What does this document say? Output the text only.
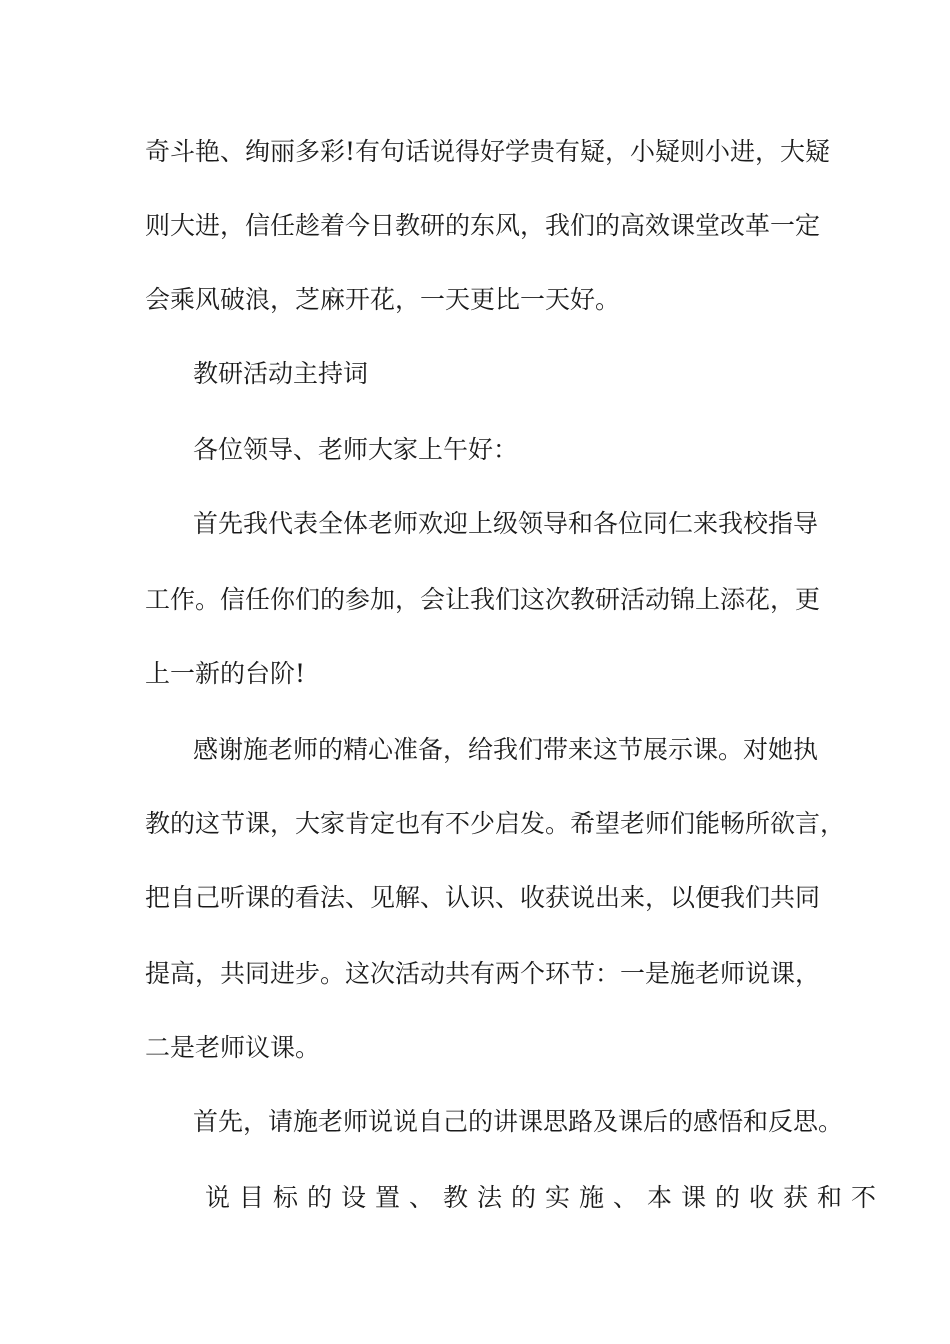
奇斗艳、绚丽多彩!有句话说得好学贵有疑，小疑则小进，大疑
则大进，信任趁着今日教研的东风，我们的高效课堂改革一定
会乘风破浪，芝麻开花，一天更比一天好。
教研活动主持词
各位领导、老师大家上午好：
首先我代表全体老师欢迎上级领导和各位同仁来我校指导
工作。信任你们的参加，会让我们这次教研活动锦上添花，更
上一新的台阶!
感谢施老师的精心准备，给我们带来这节展示课。对她执
教的这节课，大家肯定也有不少启发。希望老师们能畅所欲言，
把自己听课的看法、见解、认识、收获说出来，以便我们共同
提高，共同进步。这次活动共有两个环节：一是施老师说课，
二是老师议课。
首先，请施老师说说自己的讲课思路及课后的感悟和反思。
说目标的设置、教法的实施、本课的收获和不
